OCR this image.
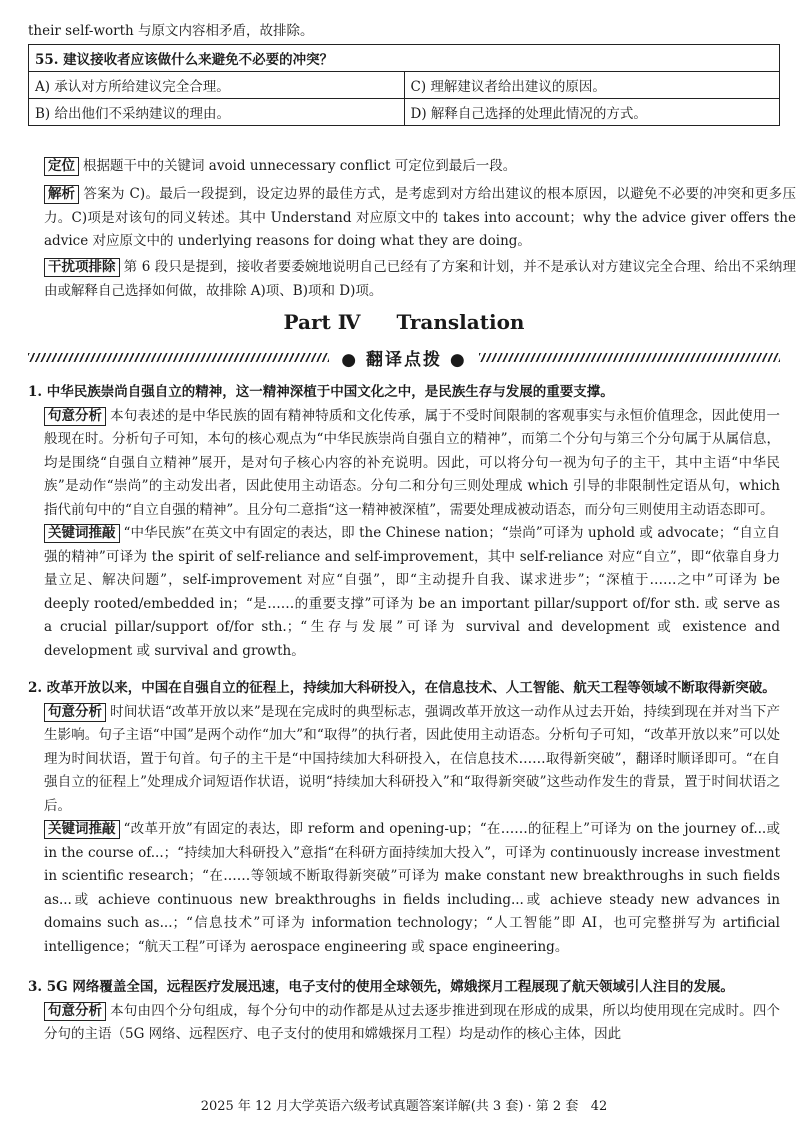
their self-worth 与原文内容相矛盾，故排除。

55. 建议接收者应该做什么来避免不必要的冲突？	
A) 承认对方所给建议完全合理。	C) 理解建议者给出建议的原因。
B) 给出他们不采纳建议的理由。	D) 解释自己选择的处理此情况的方式。
定位 根据题干中的关键词 avoid unnecessary conflict 可定位到最后一段。
解析 答案为 C)。最后一段提到，设定边界的最佳方式，是考虑到对方给出建议的根本原因，以避免不必要的冲突和更多压力。C)项是对该句的同义转述。其中 Understand 对应原文中的 takes into account；why the advice giver offers the advice 对应原文中的 underlying reasons for doing what they are doing。
干扰项排除 第 6 段只是提到，接收者要委婉地说明自己已经有了方案和计划，并不是承认对方建议完全合理、给出不采纳理由或解释自己选择如何做，故排除 A)项、B)项和 D)项。
Part Ⅳ Translation
● 翻译点拨 ●

1. 中华民族崇尚自强自立的精神，这一精神深植于中国文化之中，是民族生存与发展的重要支撑。

句意分析 本句表述的是中华民族的固有精神特质和文化传承，属于不受时间限制的客观事实与永恒价值理念，因此使用一般现在时。分析句子可知，本句的核心观点为“中华民族崇尚自强自立的精神”，而第二个分句与第三个分句属于从属信息，均是围绕“自强自立精神”展开，是对句子核心内容的补充说明。因此，可以将分句一视为句子的主干，其中主语“中华民族”是动作“崇尚”的主动发出者，因此使用主动语态。分句二和分句三则处理成 which 引导的非限制性定语从句，which 指代前句中的“自立自强的精神”。且分句二意指“这一精神被深植”，需要处理成被动语态，而分句三则使用主动语态即可。

关键词推敲 “中华民族”在英文中有固定的表达，即 the Chinese nation；“崇尚”可译为 uphold 或 advocate；“自立自强的精神”可译为 the spirit of self-reliance and self-improvement，其中 self-reliance 对应“自立”，即“依靠自身力量立足、解决问题”，self-improvement 对应“自强”，即“主动提升自我、谋求进步”；“深植于……之中”可译为 be deeply rooted/embedded in；“是……的重要支撑”可译为 be an important pillar/support of/for sth. 或 serve as a crucial pillar/support of/for sth.；“生存与发展”可译为 survival and development 或 existence and development 或 survival and growth。

2. 改革开放以来，中国在自强自立的征程上，持续加大科研投入，在信息技术、人工智能、航天工程等领域不断取得新突破。

句意分析 时间状语“改革开放以来”是现在完成时的典型标志，强调改革开放这一动作从过去开始，持续到现在并对当下产生影响。句子主语“中国”是两个动作“加大”和“取得”的执行者，因此使用主动语态。分析句子可知，“改革开放以来”可以处理为时间状语，置于句首。句子的主干是“中国持续加大科研投入，在信息技术……取得新突破”，翻译时顺译即可。“在自强自立的征程上”处理成介词短语作状语，说明“持续加大科研投入”和“取得新突破”这些动作发生的背景，置于时间状语之后。

关键词推敲 “改革开放”有固定的表达，即 reform and opening-up；“在……的征程上”可译为 on the journey of...或 in the course of...；“持续加大科研投入”意指“在科研方面持续加大投入”，可译为 continuously increase investment in scientific research；“在……等领域不断取得新突破”可译为 make constant new breakthroughs in such fields as...或 achieve continuous new breakthroughs in fields including...或 achieve steady new advances in domains such as...；“信息技术”可译为 information technology；“人工智能”即 AI，也可完整拼写为 artificial intelligence；“航天工程”可译为 aerospace engineering 或 space engineering。

3. 5G 网络覆盖全国，远程医疗发展迅速，电子支付的使用全球领先，嫦娥探月工程展现了航天领域引人注目的发展。

句意分析 本句由四个分句组成，每个分句中的动作都是从过去逐步推进到现在形成的成果，所以均使用现在完成时。四个分句的主语（5G 网络、远程医疗、电子支付的使用和嫦娥探月工程）均是动作的核心主体，因此

2025 年 12 月大学英语六级考试真题答案详解(共 3 套) · 第 2 套 42
